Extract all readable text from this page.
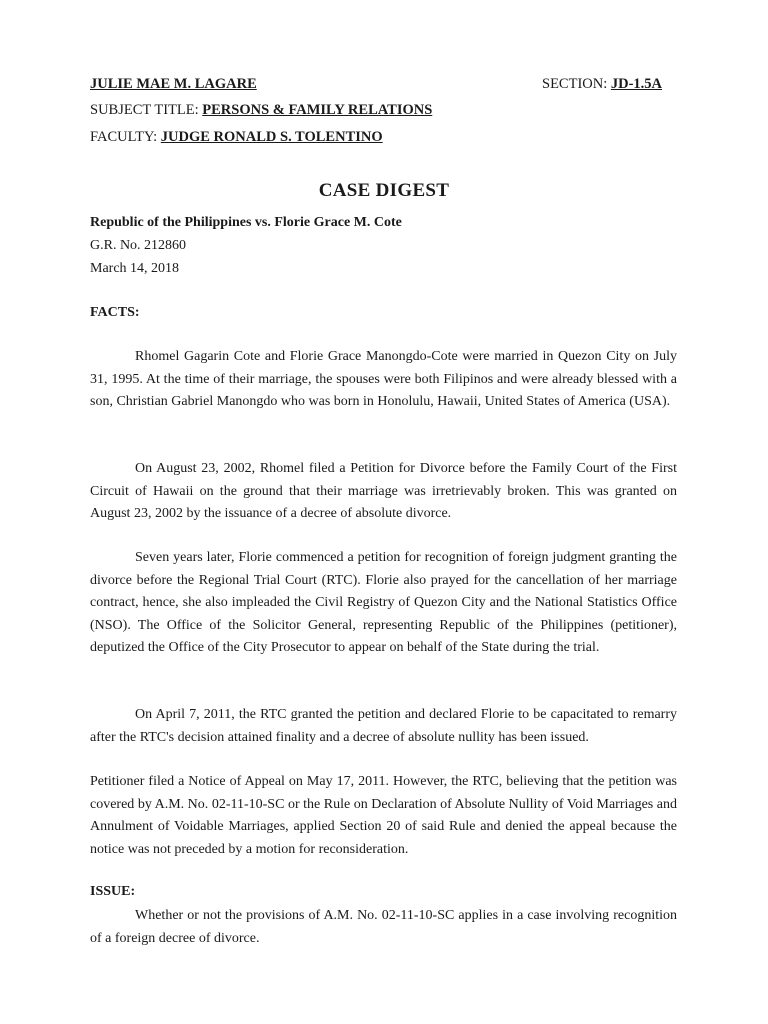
JULIE MAE M. LAGARE	SECTION: JD-1.5A
SUBJECT TITLE: PERSONS & FAMILY RELATIONS
FACULTY: JUDGE RONALD S. TOLENTINO
CASE DIGEST
Republic of the Philippines vs. Florie Grace M. Cote
G.R. No. 212860
March 14, 2018
FACTS:
Rhomel Gagarin Cote and Florie Grace Manongdo-Cote were married in Quezon City on July 31, 1995. At the time of their marriage, the spouses were both Filipinos and were already blessed with a son, Christian Gabriel Manongdo who was born in Honolulu, Hawaii, United States of America (USA).
On August 23, 2002, Rhomel filed a Petition for Divorce before the Family Court of the First Circuit of Hawaii on the ground that their marriage was irretrievably broken. This was granted on August 23, 2002 by the issuance of a decree of absolute divorce.
Seven years later, Florie commenced a petition for recognition of foreign judgment granting the divorce before the Regional Trial Court (RTC). Florie also prayed for the cancellation of her marriage contract, hence, she also impleaded the Civil Registry of Quezon City and the National Statistics Office (NSO). The Office of the Solicitor General, representing Republic of the Philippines (petitioner), deputized the Office of the City Prosecutor to appear on behalf of the State during the trial.
On April 7, 2011, the RTC granted the petition and declared Florie to be capacitated to remarry after the RTC's decision attained finality and a decree of absolute nullity has been issued.
Petitioner filed a Notice of Appeal on May 17, 2011. However, the RTC, believing that the petition was covered by A.M. No. 02-11-10-SC or the Rule on Declaration of Absolute Nullity of Void Marriages and Annulment of Voidable Marriages, applied Section 20 of said Rule and denied the appeal because the notice was not preceded by a motion for reconsideration.
ISSUE:
Whether or not the provisions of A.M. No. 02-11-10-SC applies in a case involving recognition of a foreign decree of divorce.
